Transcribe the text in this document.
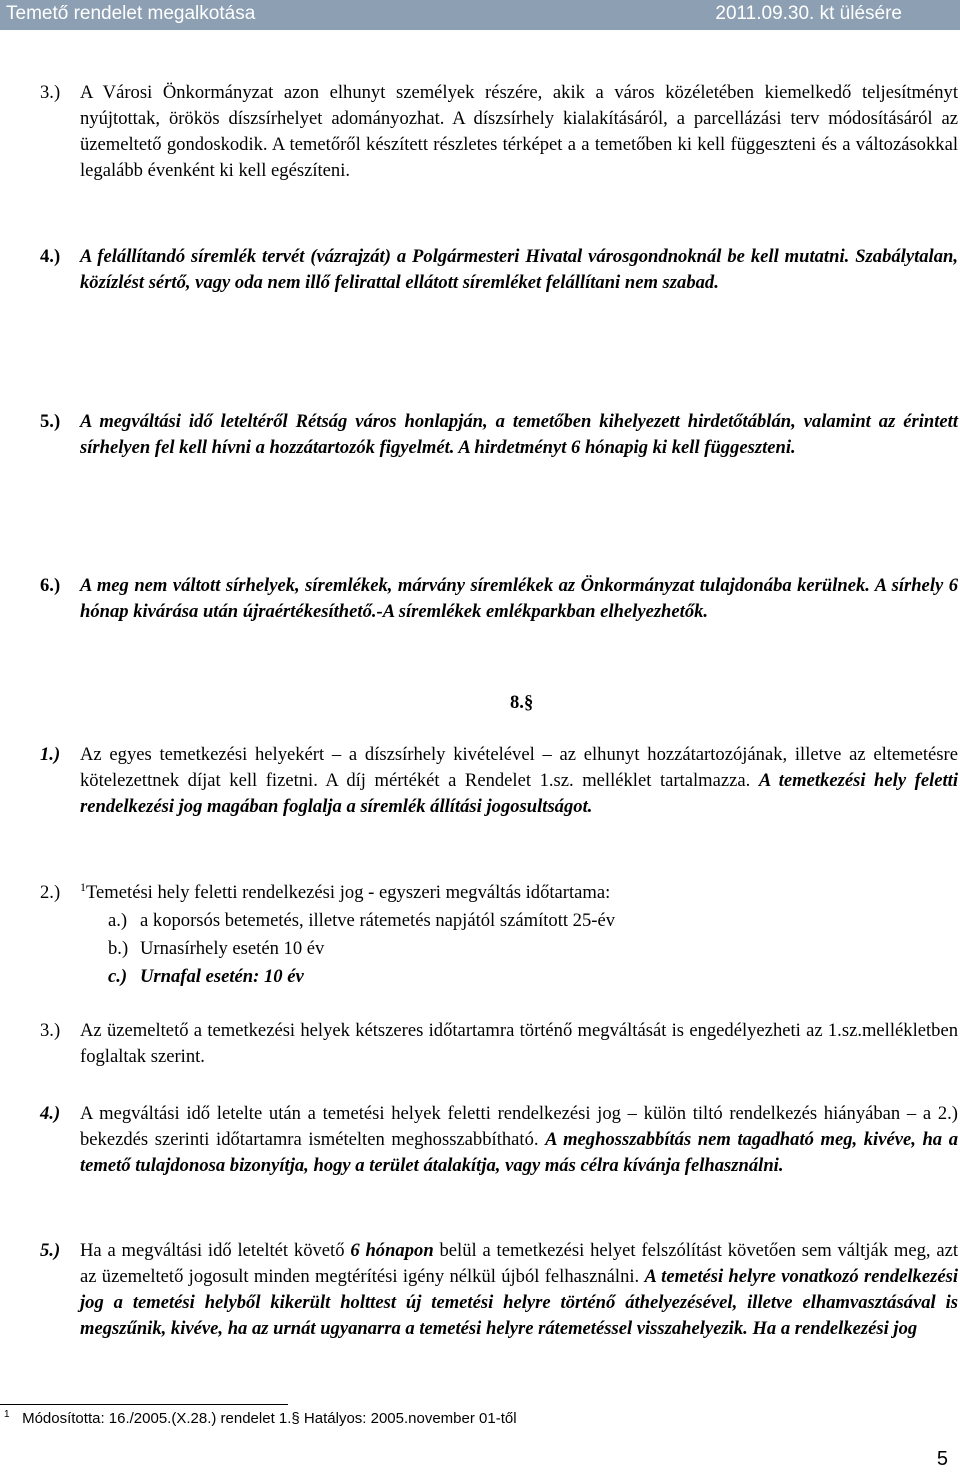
Temető rendelet megalkotása	2011.09.30. kt ülésére
3.)	A Városi Önkormányzat azon elhunyt személyek részére, akik a város közéletében kiemelkedő teljesítményt nyújtottak, örökös díszsírhelyet adományozhat. A díszsírhely kialakításáról, a parcellázási terv módosításáról az üzemeltető gondoskodik. A temetőről készített részletes térképet a a temetőben ki kell függeszteni és a változásokkal legalább évenként ki kell egészíteni.
4.)	A felállítandó síremlék tervét (vázrajzát) a Polgármesteri Hivatal városgondnoknál be kell mutatni. Szabálytalan, közízlést sértő, vagy oda nem illő felirattal ellátott síremléket felállítani nem szabad.
5.)	A megváltási idő leteltéről Rétság város honlapján, a temetőben kihelyezett hirdetőtáblán, valamint az érintett sírhelyen fel kell hívni a hozzátartozók figyelmét. A hirdetményt 6 hónapig ki kell függeszteni.
6.)	A meg nem váltott sírhelyek, síremlékek, márvány síremlékek az Önkormányzat tulajdonába kerülnek. A sírhely 6 hónap kivárása után újraértékesíthető.-A síremlékek emlékparkban elhelyezhetők.
8.§
1.)	Az egyes temetkezési helyekért – a díszsírhely kivételével – az elhunyt hozzátartozójának, illetve az eltemetésre kötelezettnek díjat kell fizetni. A díj mértékét a Rendelet 1.sz. melléklet tartalmazza. A temetkezési hely feletti rendelkezési jog magában foglalja a síremlék állítási jogosultságot.
2.)	$^1$Temetési hely feletti rendelkezési jog - egyszeri megváltás időtartama:
a.) a koporsós betemetés, illetve rátemetés napjától számított 25-év
b.) Urnasírhely esetén 10 év
c.) Urnafal esetén: 10 év
3.)	Az üzemeltető a temetkezési helyek kétszeres időtartamra történő megváltását is engedélyezheti az 1.sz.mellékletben foglaltak szerint.
4.)	A megváltási idő letelte után a temetési helyek feletti rendelkezési jog – külön tiltó rendelkezés hiányában – a 2.) bekezdés szerinti időtartamra ismételten meghosszabbítható. A meghosszabbítás nem tagadható meg, kivéve, ha a temető tulajdonosa bizonyítja, hogy a terület átalakítja, vagy más célra kívánja felhasználni.
5.)	Ha a megváltási idő leteltét követő 6 hónapon belül a temetkezési helyet felszólítást követően sem váltják meg, azt az üzemeltető jogosult minden megtérítési igény nélkül újból felhasználni. A temetési helyre vonatkozó rendelkezési jog a temetési helyből kikerült holttest új temetési helyre történő áthelyezésével, illetve elhamvasztásával is megszűnik, kivéve, ha az urnát ugyanarra a temetési helyre rátemetéssel visszahelyezik. Ha a rendelkezési jog
$^1$ Módosította: 16./2005.(X.28.) rendelet 1.§ Hatályos: 2005.november 01-től
5
